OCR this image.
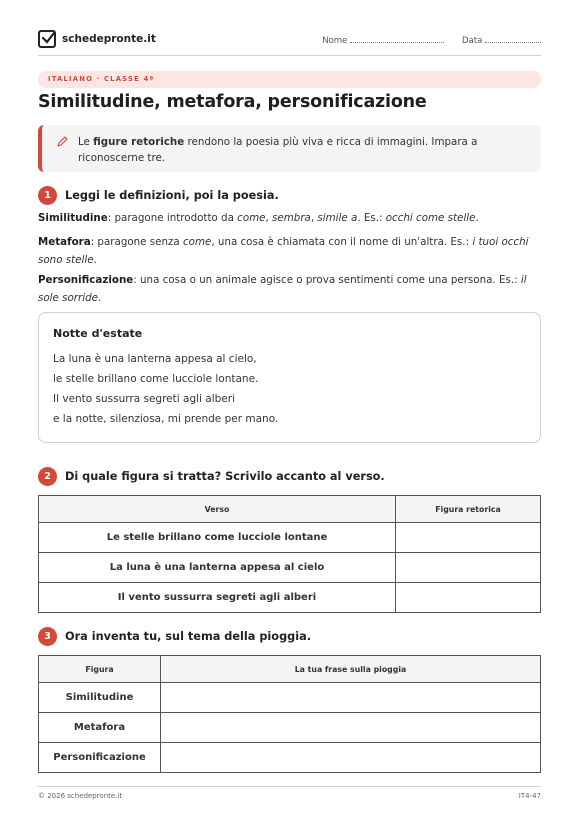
schedepronte.it	Nome	Data
ITALIANO · CLASSE 4ª
Similitudine, metafora, personificazione
Le figure retoriche rendono la poesia più viva e ricca di immagini. Impara a riconoscerne tre.
1	Leggi le definizioni, poi la poesia.
Similitudine: paragone introdotto da come, sembra, simile a. Es.: occhi come stelle.
Metafora: paragone senza come, una cosa è chiamata con il nome di un'altra. Es.: i tuoi occhi sono stelle.
Personificazione: una cosa o un animale agisce o prova sentimenti come una persona. Es.: il sole sorride.
Notte d'estate
La luna è una lanterna appesa al cielo,
le stelle brillano come lucciole lontane.
Il vento sussurra segreti agli alberi
e la notte, silenziosa, mi prende per mano.
2	Di quale figura si tratta? Scrivilo accanto al verso.
Verso	Figura retorica
Le stelle brillano come lucciole lontane	
La luna è una lanterna appesa al cielo	
Il vento sussurra segreti agli alberi	
3	Ora inventa tu, sul tema della pioggia.
Figura	La tua frase sulla pioggia
Similitudine	
Metafora	
Personificazione	
© 2026 schedepronte.it	IT4-47
